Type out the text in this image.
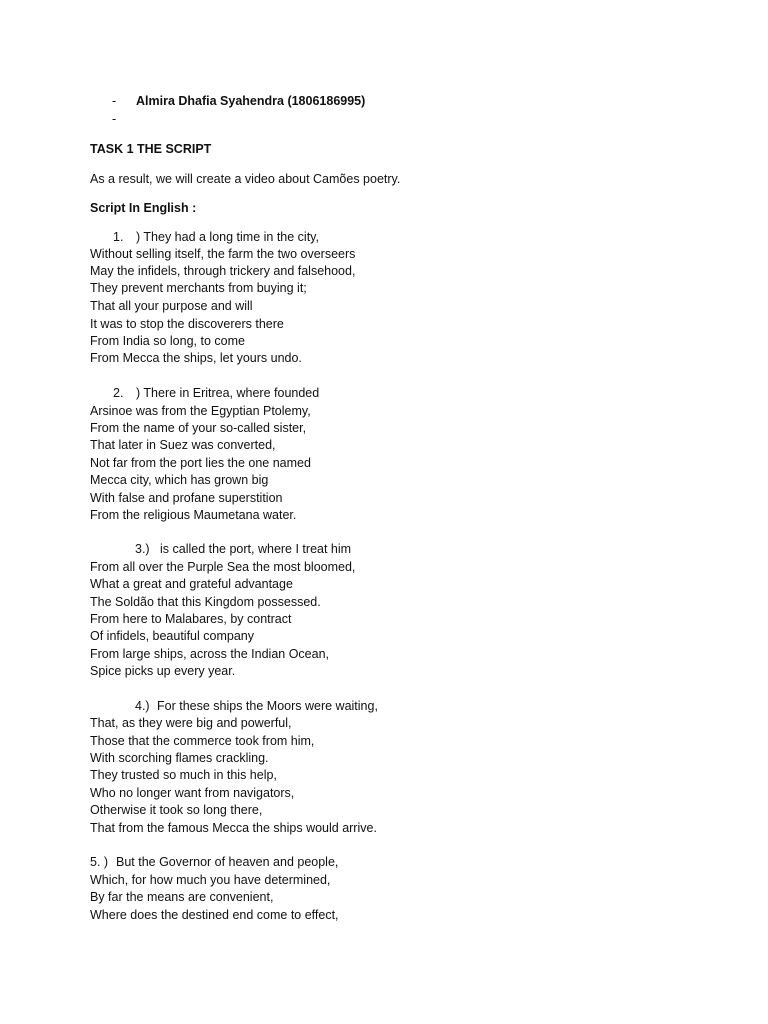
- Almira Dhafia Syahendra (1806186995)
-
TASK 1 THE SCRIPT
As a result, we will create a video about Camões poetry.
Script In English :
1. ) They had a long time in the city,
Without selling itself, the farm the two overseers
May the infidels, through trickery and falsehood,
They prevent merchants from buying it;
That all your purpose and will
It was to stop the discoverers there
From India so long, to come
From Mecca the ships, let yours undo.
2. ) There in Eritrea, where founded
Arsinoe was from the Egyptian Ptolemy,
From the name of your so-called sister,
That later in Suez was converted,
Not far from the port lies the one named
Mecca city, which has grown big
With false and profane superstition
From the religious Maumetana water.
3.) is called the port, where I treat him
From all over the Purple Sea the most bloomed,
What a great and grateful advantage
The Soldão that this Kingdom possessed.
From here to Malabares, by contract
Of infidels, beautiful company
From large ships, across the Indian Ocean,
Spice picks up every year.
4.) For these ships the Moors were waiting,
That, as they were big and powerful,
Those that the commerce took from him,
With scorching flames crackling.
They trusted so much in this help,
Who no longer want from navigators,
Otherwise it took so long there,
That from the famous Mecca the ships would arrive.
5. ) But the Governor of heaven and people,
Which, for how much you have determined,
By far the means are convenient,
Where does the destined end come to effect,
